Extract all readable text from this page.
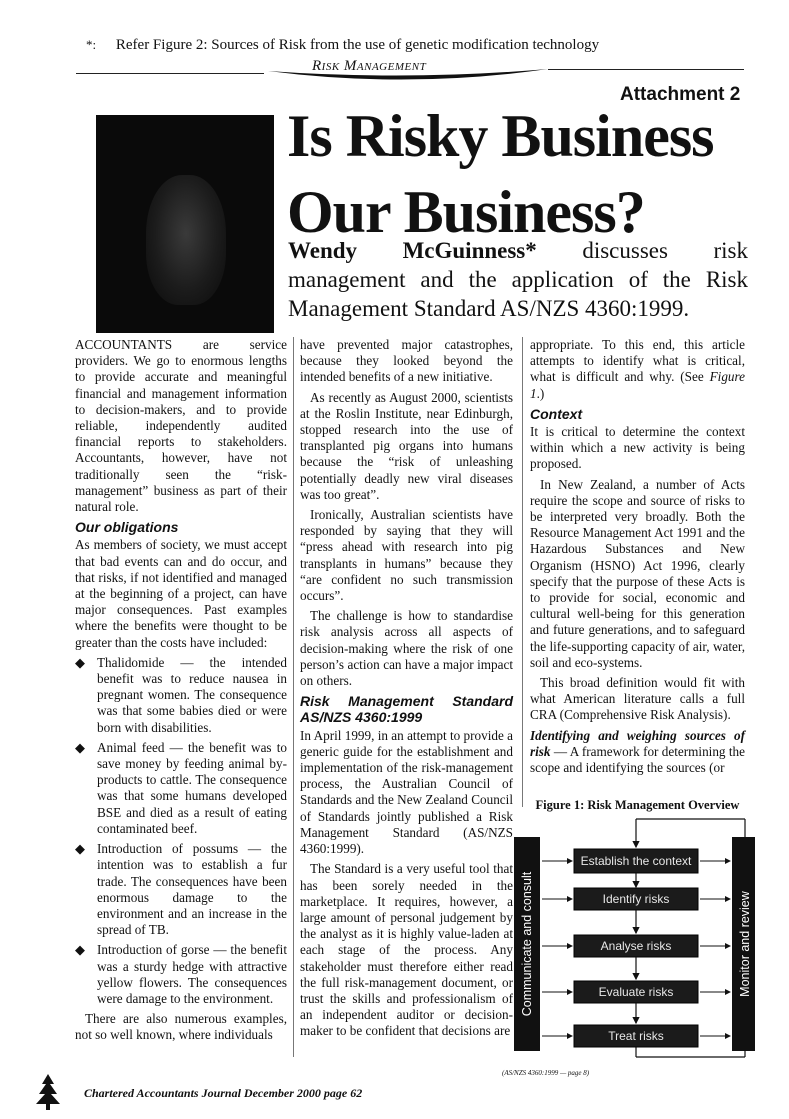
*: Refer Figure 2: Sources of Risk from the use of genetic modification technology
Risk Management
Attachment 2
Is Risky Business
Our Business?
Wendy McGuinness* discusses risk management and the application of the Risk Management Standard AS/NZS 4360:1999.

ACCOUNTANTS are service providers. We go to enormous lengths to provide accurate and meaningful financial and management information to decision-makers, and to provide reliable, independently audited financial reports to stakeholders. Accountants, however, have not traditionally seen the “risk-management” business as part of their natural role.

Our obligations

As members of society, we must accept that bad events can and do occur, and that risks, if not identified and managed at the beginning of a project, can have major consequences. Past examples where the benefits were thought to be greater than the costs have included:

◆ Thalidomide — the intended benefit was to reduce nausea in pregnant women. The consequence was that some babies died or were born with disabilities.
◆ Animal feed — the benefit was to save money by feeding animal by-products to cattle. The consequence was that some humans developed BSE and died as a result of eating contaminated beef.
◆ Introduction of possums — the intention was to establish a fur trade. The consequences have been enormous damage to the environment and an increase in the spread of TB.
◆ Introduction of gorse — the benefit was a sturdy hedge with attractive yellow flowers. The consequences were damage to the environment.

There are also numerous examples, not so well known, where individuals

have prevented major catastrophes, because they looked beyond the intended benefits of a new initiative.

As recently as August 2000, scientists at the Roslin Institute, near Edinburgh, stopped research into the use of transplanted pig organs into humans because the “risk of unleashing potentially deadly new viral diseases was too great”.

Ironically, Australian scientists have responded by saying that they will “press ahead with research into pig transplants in humans” because they “are confident no such transmission occurs”.

The challenge is how to standardise risk analysis across all aspects of decision-making where the risk of one person’s action can have a major impact on others.

Risk Management Standard AS/NZS 4360:1999

In April 1999, in an attempt to provide a generic guide for the establishment and implementation of the risk-management process, the Australian Council of Standards and the New Zealand Council of Standards jointly published a Risk Management Standard (AS/NZS 4360:1999).

The Standard is a very useful tool that has been sorely needed in the marketplace. It requires, however, a large amount of personal judgement by the analyst as it is highly value-laden at each stage of the process. Any stakeholder must therefore either read the full risk-management document, or trust the skills and professionalism of an independent auditor or decision-maker to be confident that decisions are

appropriate. To this end, this article attempts to identify what is critical, what is difficult and why. (See Figure 1.)

Context

It is critical to determine the context within which a new activity is being proposed.

In New Zealand, a number of Acts require the scope and source of risks to be interpreted very broadly. Both the Resource Management Act 1991 and the Hazardous Substances and New Organism (HSNO) Act 1996, clearly specify that the purpose of these Acts is to provide for social, economic and cultural well-being for this generation and future generations, and to safeguard the life-supporting capacity of air, water, soil and eco-systems.

This broad definition would fit with what American literature calls a full CRA (Comprehensive Risk Analysis).

Identifying and weighing sources of risk — A framework for determining the scope and identifying the sources (or

Figure 1: Risk Management Overview
Communicate and consult	Monitor and review
Establish the context
Identify risks
Analyse risks
Evaluate risks
Treat risks
(AS/NZS 4360:1999 — page 8)
Chartered Accountants Journal December 2000 page 62
